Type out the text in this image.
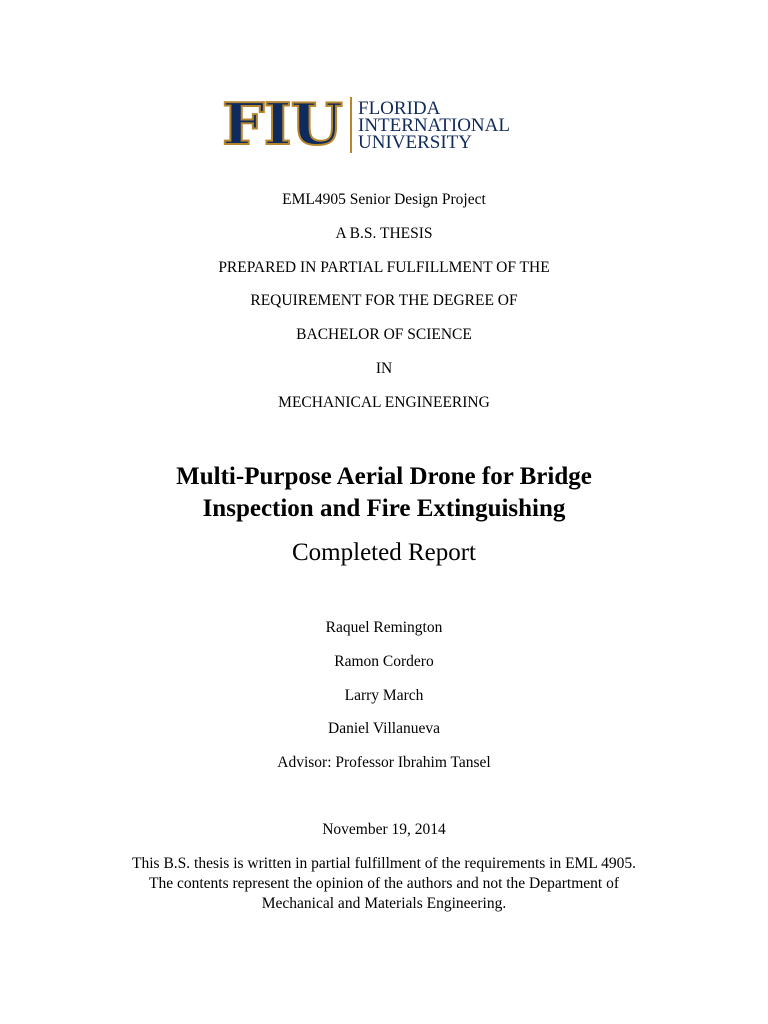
FIU FLORIDA
INTERNATIONAL
UNIVERSITY
EML4905 Senior Design Project
A B.S. THESIS
PREPARED IN PARTIAL FULFILLMENT OF THE
REQUIREMENT FOR THE DEGREE OF
BACHELOR OF SCIENCE
IN
MECHANICAL ENGINEERING
Multi-Purpose Aerial Drone for Bridge
Inspection and Fire Extinguishing
Completed Report
Raquel Remington
Ramon Cordero
Larry March
Daniel Villanueva
Advisor: Professor Ibrahim Tansel
November 19, 2014
This B.S. thesis is written in partial fulfillment of the requirements in EML 4905.
The contents represent the opinion of the authors and not the Department of
Mechanical and Materials Engineering.
